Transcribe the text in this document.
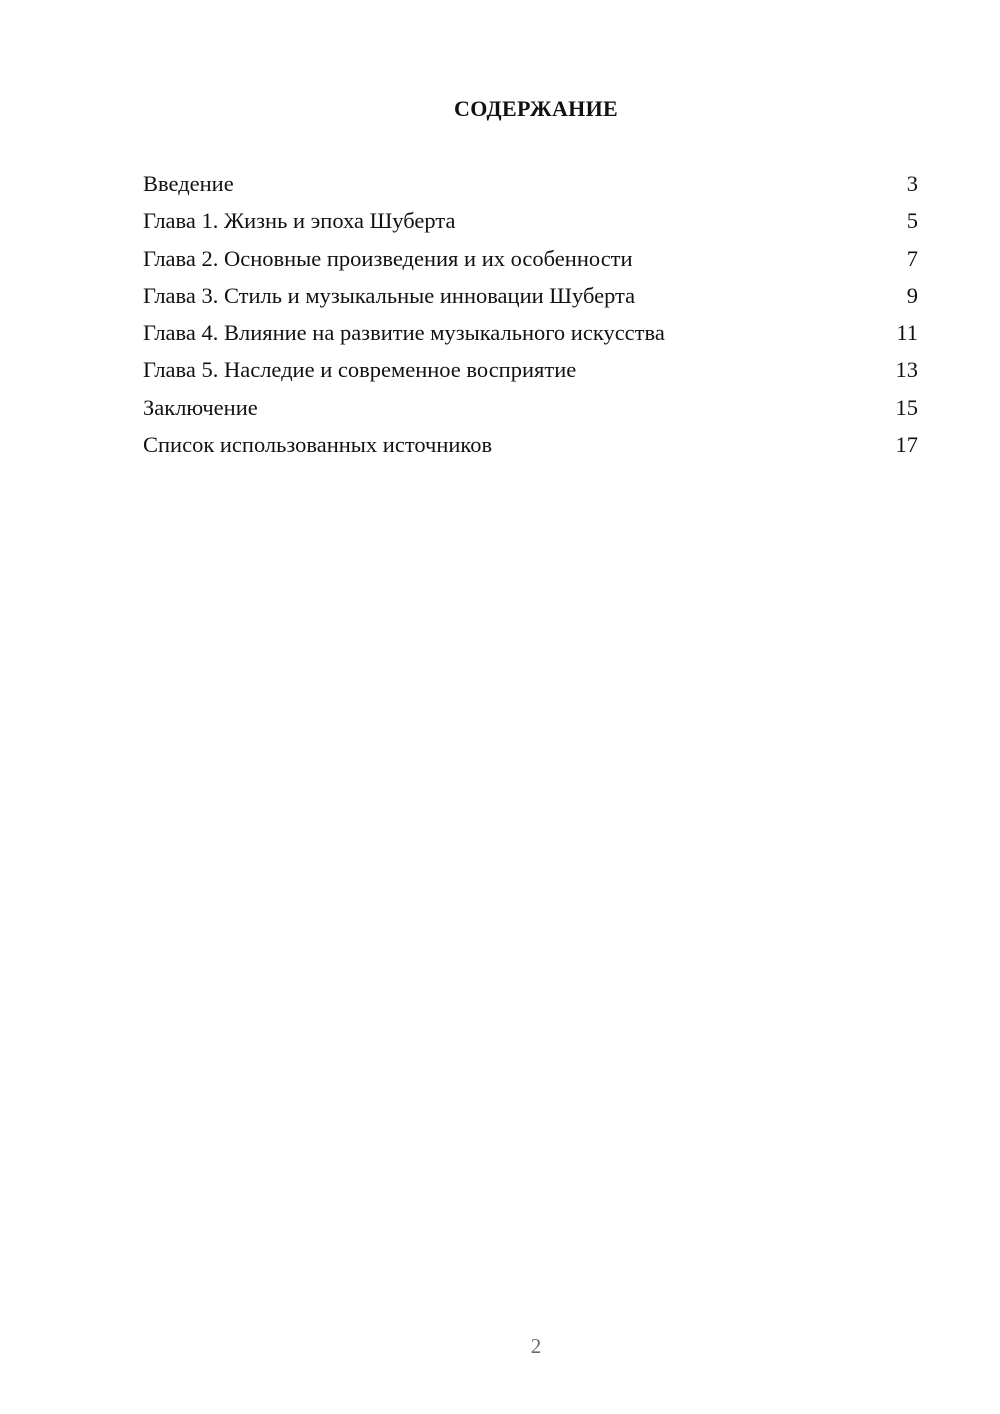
СОДЕРЖАНИЕ
Введение	3
Глава 1. Жизнь и эпоха Шуберта	5
Глава 2. Основные произведения и их особенности	7
Глава 3. Стиль и музыкальные инновации Шуберта	9
Глава 4. Влияние на развитие музыкального искусства	11
Глава 5. Наследие и современное восприятие	13
Заключение	15
Список использованных источников	17
2
